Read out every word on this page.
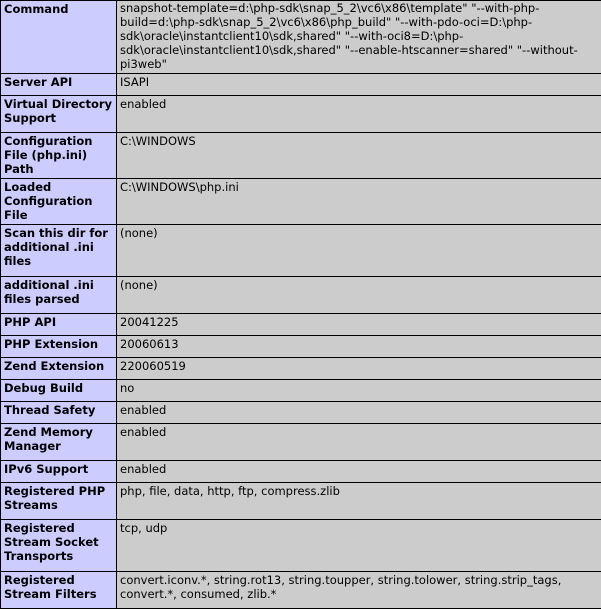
Command	snapshot-template=d:\php-sdk\snap_5_2\vc6\x86\template" "--with-php-build=d:\php-sdk\snap_5_2\vc6\x86\php_build" "--with-pdo-oci=D:\php-sdk\oracle\instantclient10\sdk,shared" "--with-oci8=D:\php-sdk\oracle\instantclient10\sdk,shared" "--enable-htscanner=shared" "--without-pi3web"
Server API	ISAPI
Virtual Directory Support	enabled
Configuration File (php.ini) Path	C:\WINDOWS
Loaded Configuration File	C:\WINDOWS\php.ini
Scan this dir for additional .ini files	(none)
additional .ini files parsed	(none)
PHP API	20041225
PHP Extension	20060613
Zend Extension	220060519
Debug Build	no
Thread Safety	enabled
Zend Memory Manager	enabled
IPv6 Support	enabled
Registered PHP Streams	php, file, data, http, ftp, compress.zlib
Registered Stream Socket Transports	tcp, udp
Registered Stream Filters	convert.iconv.*, string.rot13, string.toupper, string.tolower, string.strip_tags, convert.*, consumed, zlib.*
